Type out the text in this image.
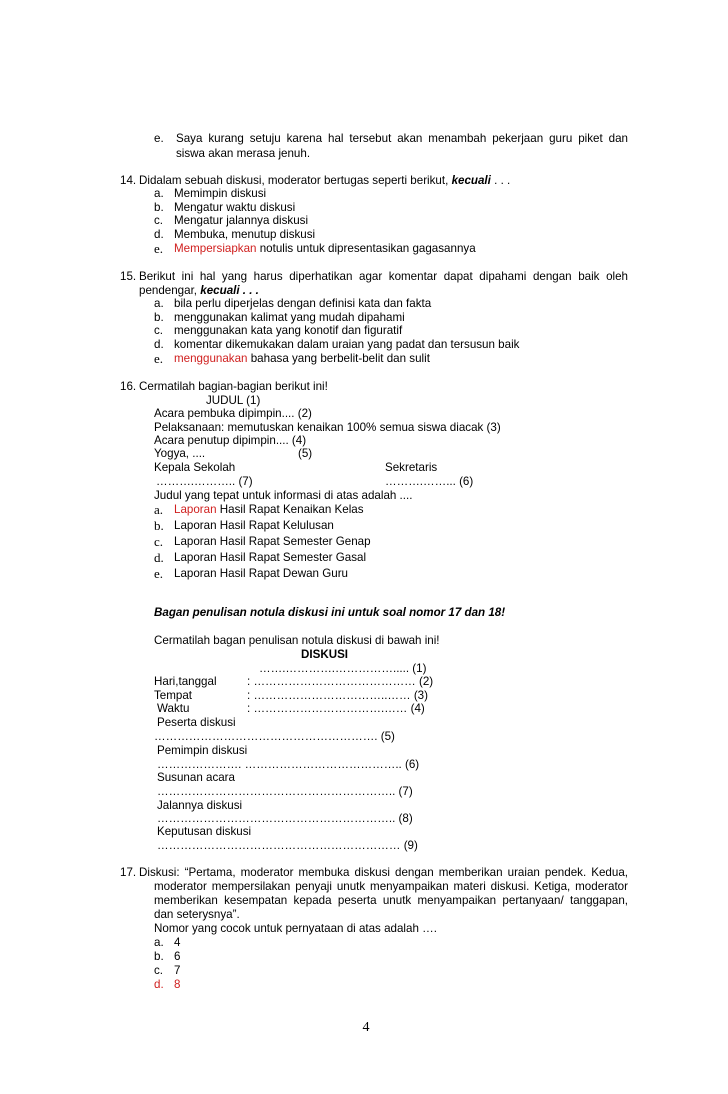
e. Saya kurang setuju karena hal tersebut akan menambah pekerjaan guru piket dan
siswa akan merasa jenuh.
14. Didalam sebuah diskusi, moderator bertugas seperti berikut, kecuali . . .
a. Memimpin diskusi
b. Mengatur waktu diskusi
c. Mengatur jalannya diskusi
d. Membuka, menutup diskusi
e. Mempersiapkan notulis untuk dipresentasikan gagasannya
15. Berikut ini hal yang harus diperhatikan agar komentar dapat dipahami dengan baik oleh
pendengar, kecuali . . .
a. bila perlu diperjelas dengan definisi kata dan fakta
b. menggunakan kalimat yang mudah dipahami
c. menggunakan kata yang konotif dan figuratif
d. komentar dikemukakan dalam uraian yang padat dan tersusun baik
e. menggunakan bahasa yang berbelit-belit dan sulit
16. Cermatilah bagian-bagian berikut ini!
JUDUL (1)
Acara pembuka dipimpin.... (2)
Pelaksanaan: memutuskan kenaikan 100% semua siswa diacak (3)
Acara penutup dipimpin.... (4)
Yogya, ....	(5)
Kepala Sekolah	Sekretaris
……….……….. (7)	……….……... (6)
Judul yang tepat untuk informasi di atas adalah ....
a. Laporan Hasil Rapat Kenaikan Kelas
b. Laporan Hasil Rapat Kelulusan
c. Laporan Hasil Rapat Semester Genap
d. Laporan Hasil Rapat Semester Gasal
e. Laporan Hasil Rapat Dewan Guru
Bagan penulisan notula diskusi ini untuk soal nomor 17 dan 18!
Cermatilah bagan penulisan notula diskusi di bawah ini!
DISKUSI
…….………….……………..... (1)
Hari,tanggal	: …………………………………… (2)
Tempat	: ……………………………..…… (3)
Waktu	: …………………………….…… (4)
Peserta diskusi
…………………………………………………. (5)
Pemimpin diskusi
…………………. ………………………………….. (6)
Susunan acara
…………………………………………………….. (7)
Jalannya diskusi
…………………………………………………….. (8)
Keputusan diskusi
……………………………………………………… (9)
17. Diskusi: “Pertama, moderator membuka diskusi dengan memberikan uraian pendek. Kedua,
moderator mempersilakan penyaji unutk menyampaikan materi diskusi. Ketiga, moderator
memberikan kesempatan kepada peserta unutk menyampaikan pertanyaan/ tanggapan,
dan seterysnya”.
Nomor yang cocok untuk pernyataan di atas adalah ….
a. 4
b. 6
c. 7
d. 8
4
